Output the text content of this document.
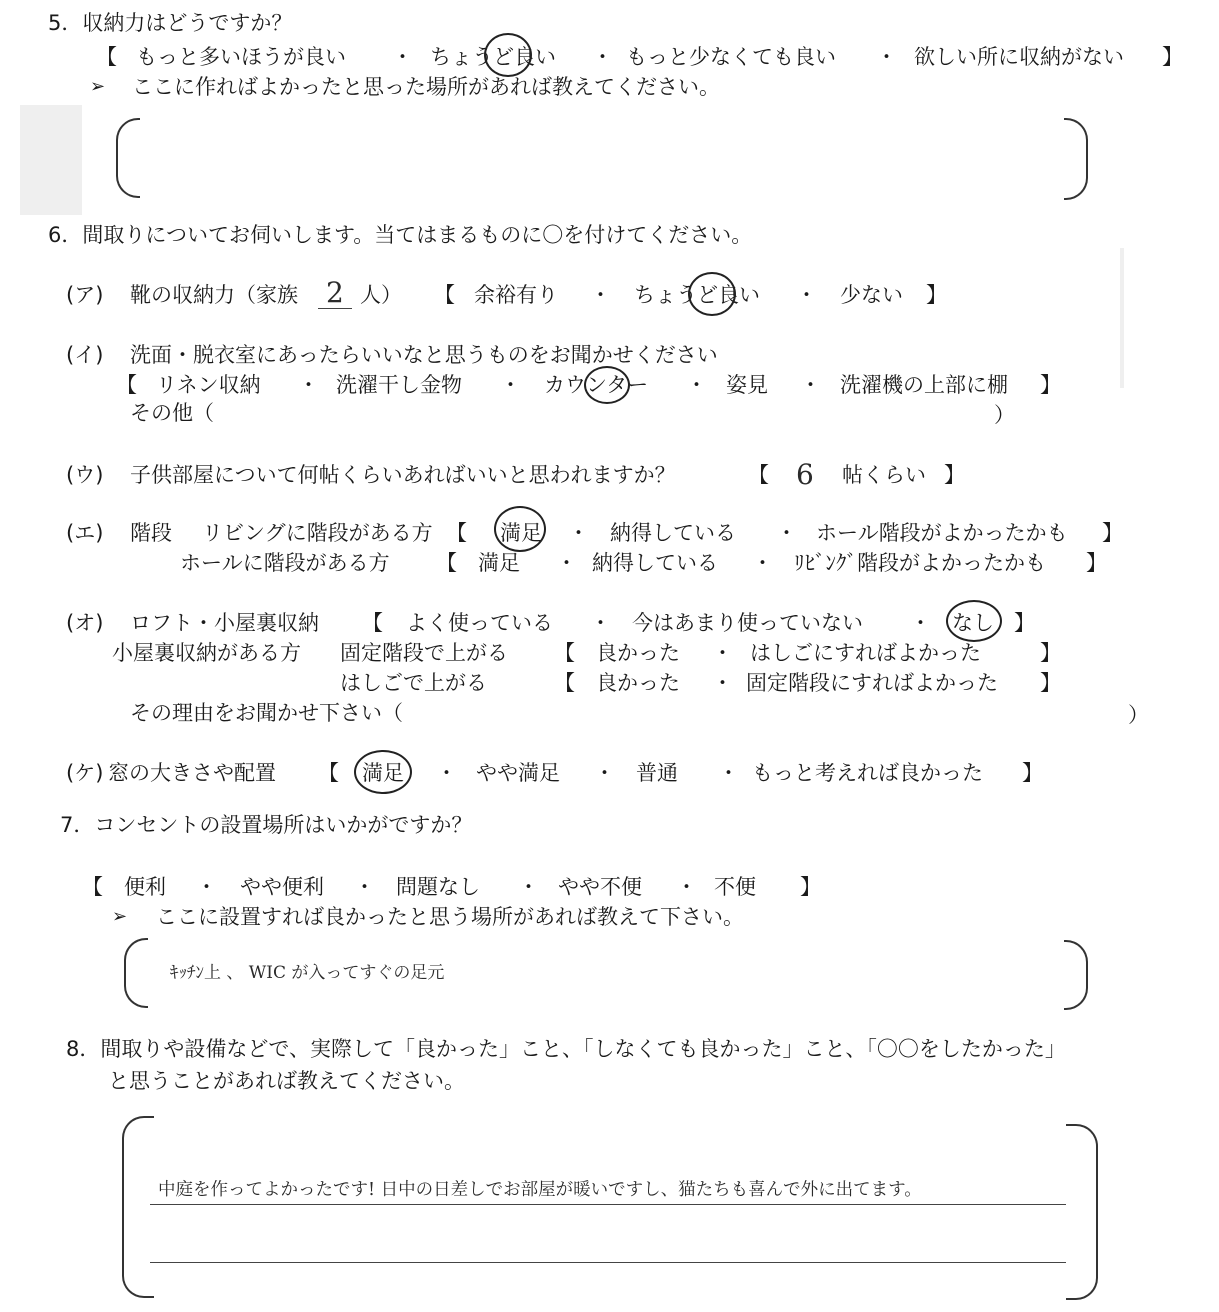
5．収納力はどうですか？
【 もっと多いほうが良い ・ ちょうど良い ・ もっと少なくても良い ・ 欲しい所に収納がない 】
➢ ここに作ればよかったと思った場所があれば教えてください。
6．間取りについてお伺いします。当てはまるものに〇を付けてください。
(ア) 靴の収納力（家族 2 人） 【 余裕有り ・ ちょうど良い ・ 少ない 】
(イ) 洗面・脱衣室にあったらいいなと思うものをお聞かせください
【 リネン収納 ・ 洗濯干し金物 ・ カウンター ・ 姿見 ・ 洗濯機の上部に棚 】
その他（	）
(ウ) 子供部屋について何帖くらいあればいいと思われますか？	【 6 帖くらい 】
(エ) 階段 リビングに階段がある方 【 満足 ・ 納得している ・ ホール階段がよかったかも 】
ホールに階段がある方 【 満足 ・ 納得している ・ ﾘﾋﾞﾝｸﾞ階段がよかったかも 】
(オ) ロフト・小屋裏収納 【 よく使っている ・ 今はあまり使っていない ・ なし 】
小屋裏収納がある方 固定階段で上がる 【 良かった ・ はしごにすればよかった	】
はしごで上がる	【 良かった ・ 固定階段にすればよかった 】
その理由をお聞かせ下さい（	）
(ケ) 窓の大きさや配置 【 満足 ・ やや満足 ・ 普通 ・ もっと考えれば良かった 】
7．コンセントの設置場所はいかがですか？
【 便利 ・ やや便利 ・ 問題なし ・ やや不便 ・ 不便 】
➢ ここに設置すれば良かったと思う場所があれば教えて下さい。
ｷｯﾁﾝ上 、 WIC が入ってすぐの足元
8．間取りや設備などで、実際して「良かった」こと、「しなくても良かった」こと、「〇〇をしたかった」
と思うことがあれば教えてください。
中庭を作ってよかったです! 日中の日差しでお部屋が暖いですし、猫たちも喜んで外に出てます。
